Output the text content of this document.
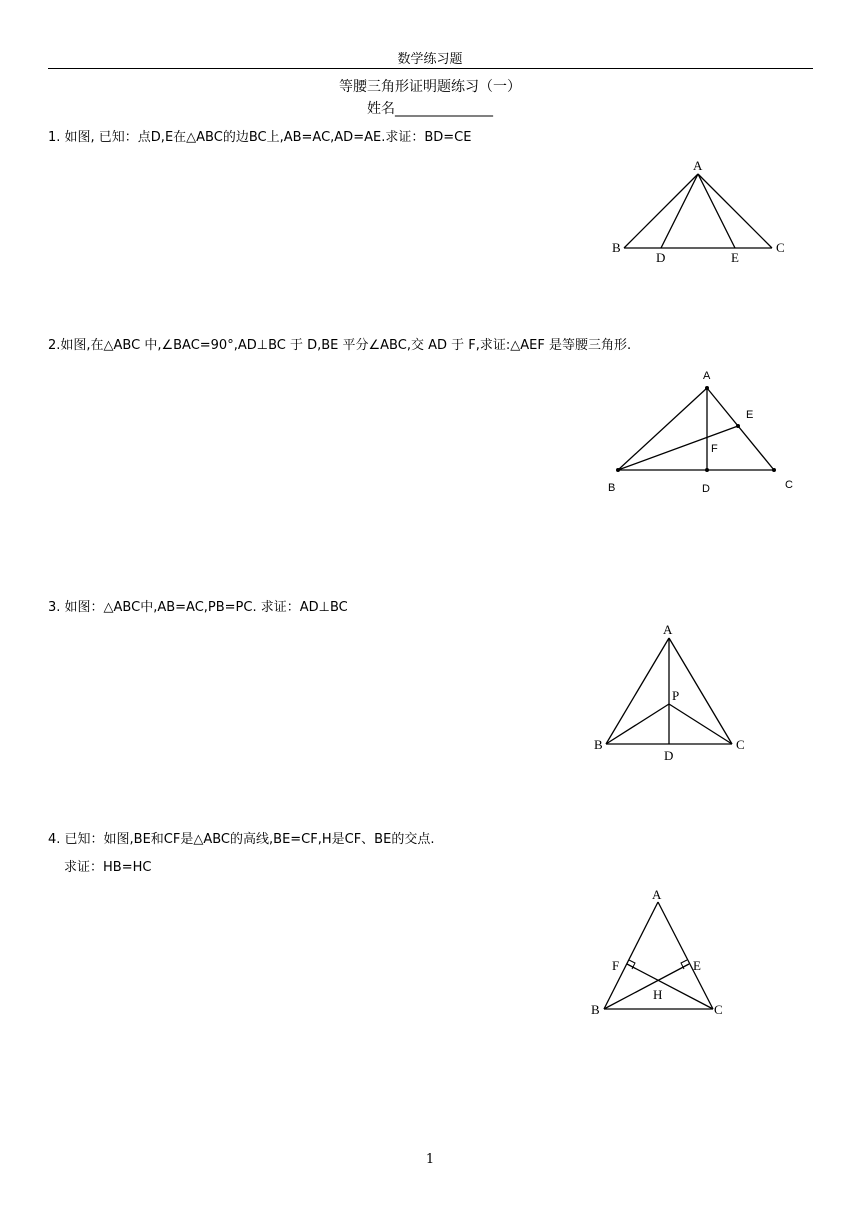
数学练习题
等腰三角形证明题练习（一）
姓名______________
1. 如图, 已知：点D,E在△ABC的边BC上,AB=AC,AD=AE.求证：BD=CE
2.如图,在△ABC 中,∠BAC=90°,AD⊥BC 于 D,BE 平分∠ABC,交 AD 于 F,求证:△AEF 是等腰三角形.
3. 如图：△ABC中,AB=AC,PB=PC. 求证：AD⊥BC
4. 已知：如图,BE和CF是△ABC的高线,BE=CF,H是CF、BE的交点.
求证：HB=HC
A
B	C
D	E
A
B	C
D
E
F
A
B	C
D
P
A
B	C
E
F
H
1
